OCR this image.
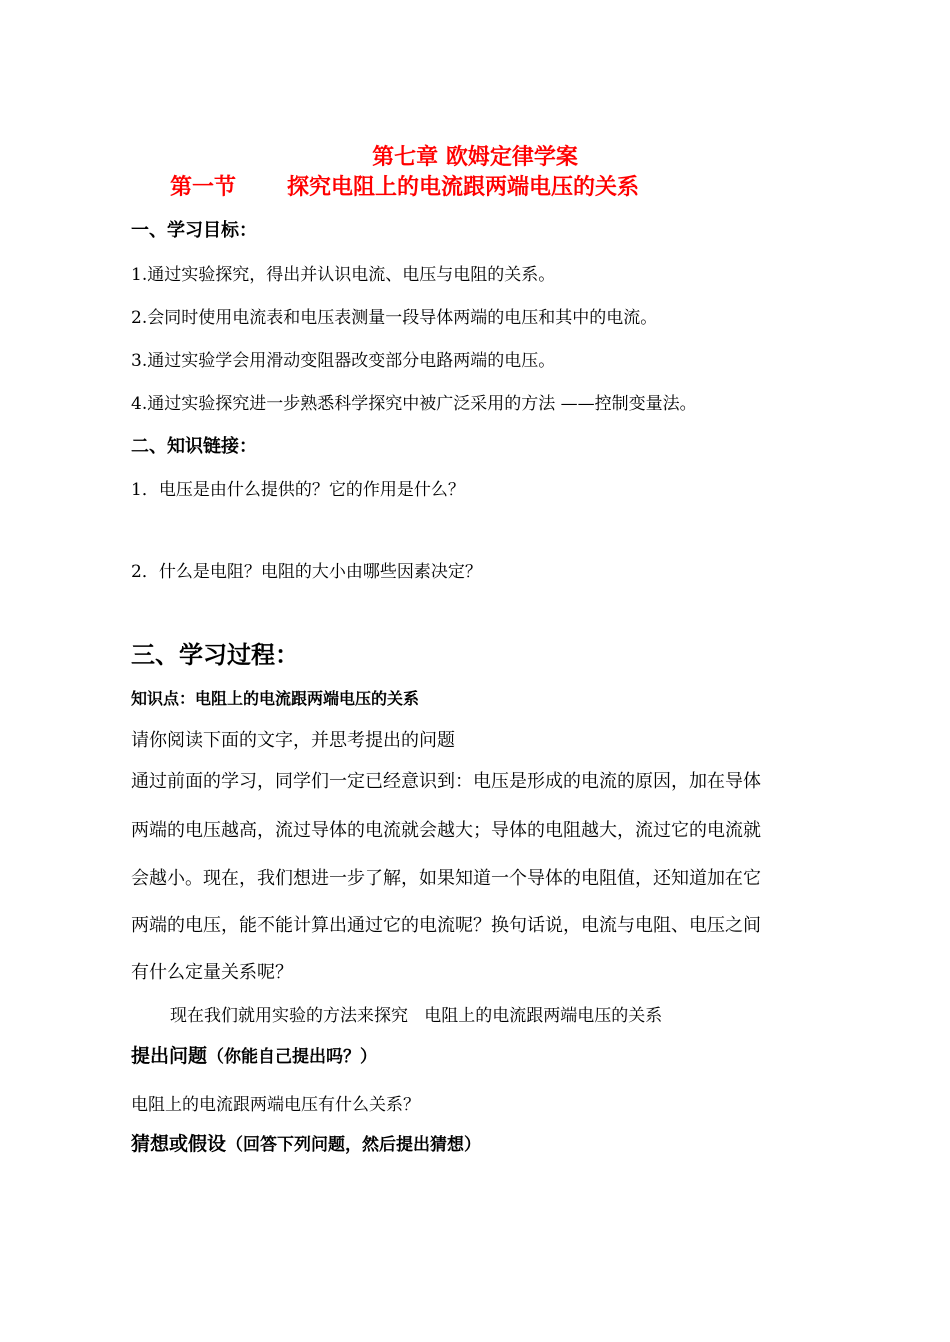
第七章 欧姆定律学案
第一节 探究电阻上的电流跟两端电压的关系
一、学习目标：
1.通过实验探究，得出并认识电流、电压与电阻的关系。
2.会同时使用电流表和电压表测量一段导体两端的电压和其中的电流。
3.通过实验学会用滑动变阻器改变部分电路两端的电压。
4.通过实验探究进一步熟悉科学探究中被广泛采用的方法 ——控制变量法。
二、知识链接：
1．电压是由什么提供的？它的作用是什么？
2．什么是电阻？电阻的大小由哪些因素决定？
三、学习过程：
知识点：电阻上的电流跟两端电压的关系
请你阅读下面的文字，并思考提出的问题
通过前面的学习，同学们一定已经意识到：电压是形成的电流的原因，加在导体
两端的电压越高，流过导体的电流就会越大；导体的电阻越大，流过它的电流就
会越小。现在，我们想进一步了解，如果知道一个导体的电阻值，还知道加在它
两端的电压，能不能计算出通过它的电流呢？换句话说，电流与电阻、电压之间
有什么定量关系呢？
现在我们就用实验的方法来探究   电阻上的电流跟两端电压的关系
提出问题（你能自己提出吗？）
电阻上的电流跟两端电压有什么关系？
猜想或假设（回答下列问题，然后提出猜想）
